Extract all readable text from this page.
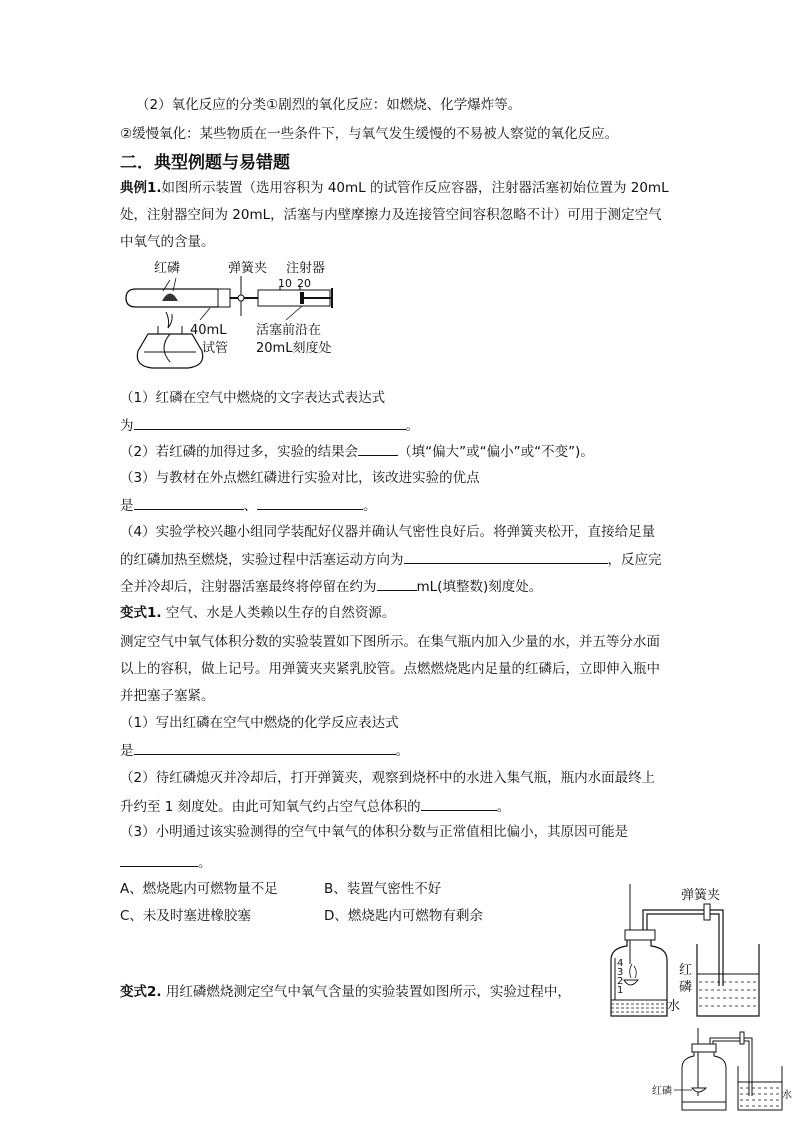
（2）氧化反应的分类①剧烈的氧化反应：如燃烧、化学爆炸等。
②缓慢氧化：某些物质在一些条件下，与氧气发生缓慢的不易被人察觉的氧化反应。
二．典型例题与易错题
典例1.如图所示装置（选用容积为 40mL 的试管作反应容器，注射器活塞初始位置为 20mL
处，注射器空间为 20mL，活塞与内壁摩擦力及连接管空间容积忽略不计）可用于测定空气
中氧气的含量。
红磷	弹簧夹 注射器
10 20
40mL
试管
活塞前沿在
20mL刻度处
（1）红磷在空气中燃烧的文字表达式表达式
为	。
（2）若红磷的加得过多，实验的结果会	（填“偏大”或“偏小”或“不变”)。
（3）与教材在外点燃红磷进行实验对比，该改进实验的优点
是	、	。
（4）实验学校兴趣小组同学装配好仪器并确认气密性良好后。将弹簧夹松开，直接给足量
的红磷加热至燃烧，实验过程中活塞运动方向为	，反应完
全并冷却后，注射器活塞最终将停留在约为	mL(填整数)刻度处。
变式1. 空气、水是人类赖以生存的自然资源。
测定空气中氧气体积分数的实验装置如下图所示。在集气瓶内加入少量的水，并五等分水面
以上的容积，做上记号。用弹簧夹夹紧乳胶管。点燃燃烧匙内足量的红磷后，立即伸入瓶中
并把塞子塞紧。
（1）写出红磷在空气中燃烧的化学反应表达式
是	。
（2）待红磷熄灭并冷却后，打开弹簧夹，观察到烧杯中的水进入集气瓶，瓶内水面最终上
升约至 1 刻度处。由此可知氧气约占空气总体积的	。
（3）小明通过该实验测得的空气中氧气的体积分数与正常值相比偏小，其原因可能是
。
A、燃烧匙内可燃物量不足	B、装置气密性不好
C、未及时塞进橡胶塞	D、燃烧匙内可燃物有剩余
弹簧夹
4
3
2
1
红
磷
水
变式2. 用红磷燃烧测定空气中氧气含量的实验装置如图所示，实验过程中，
红磷	水
